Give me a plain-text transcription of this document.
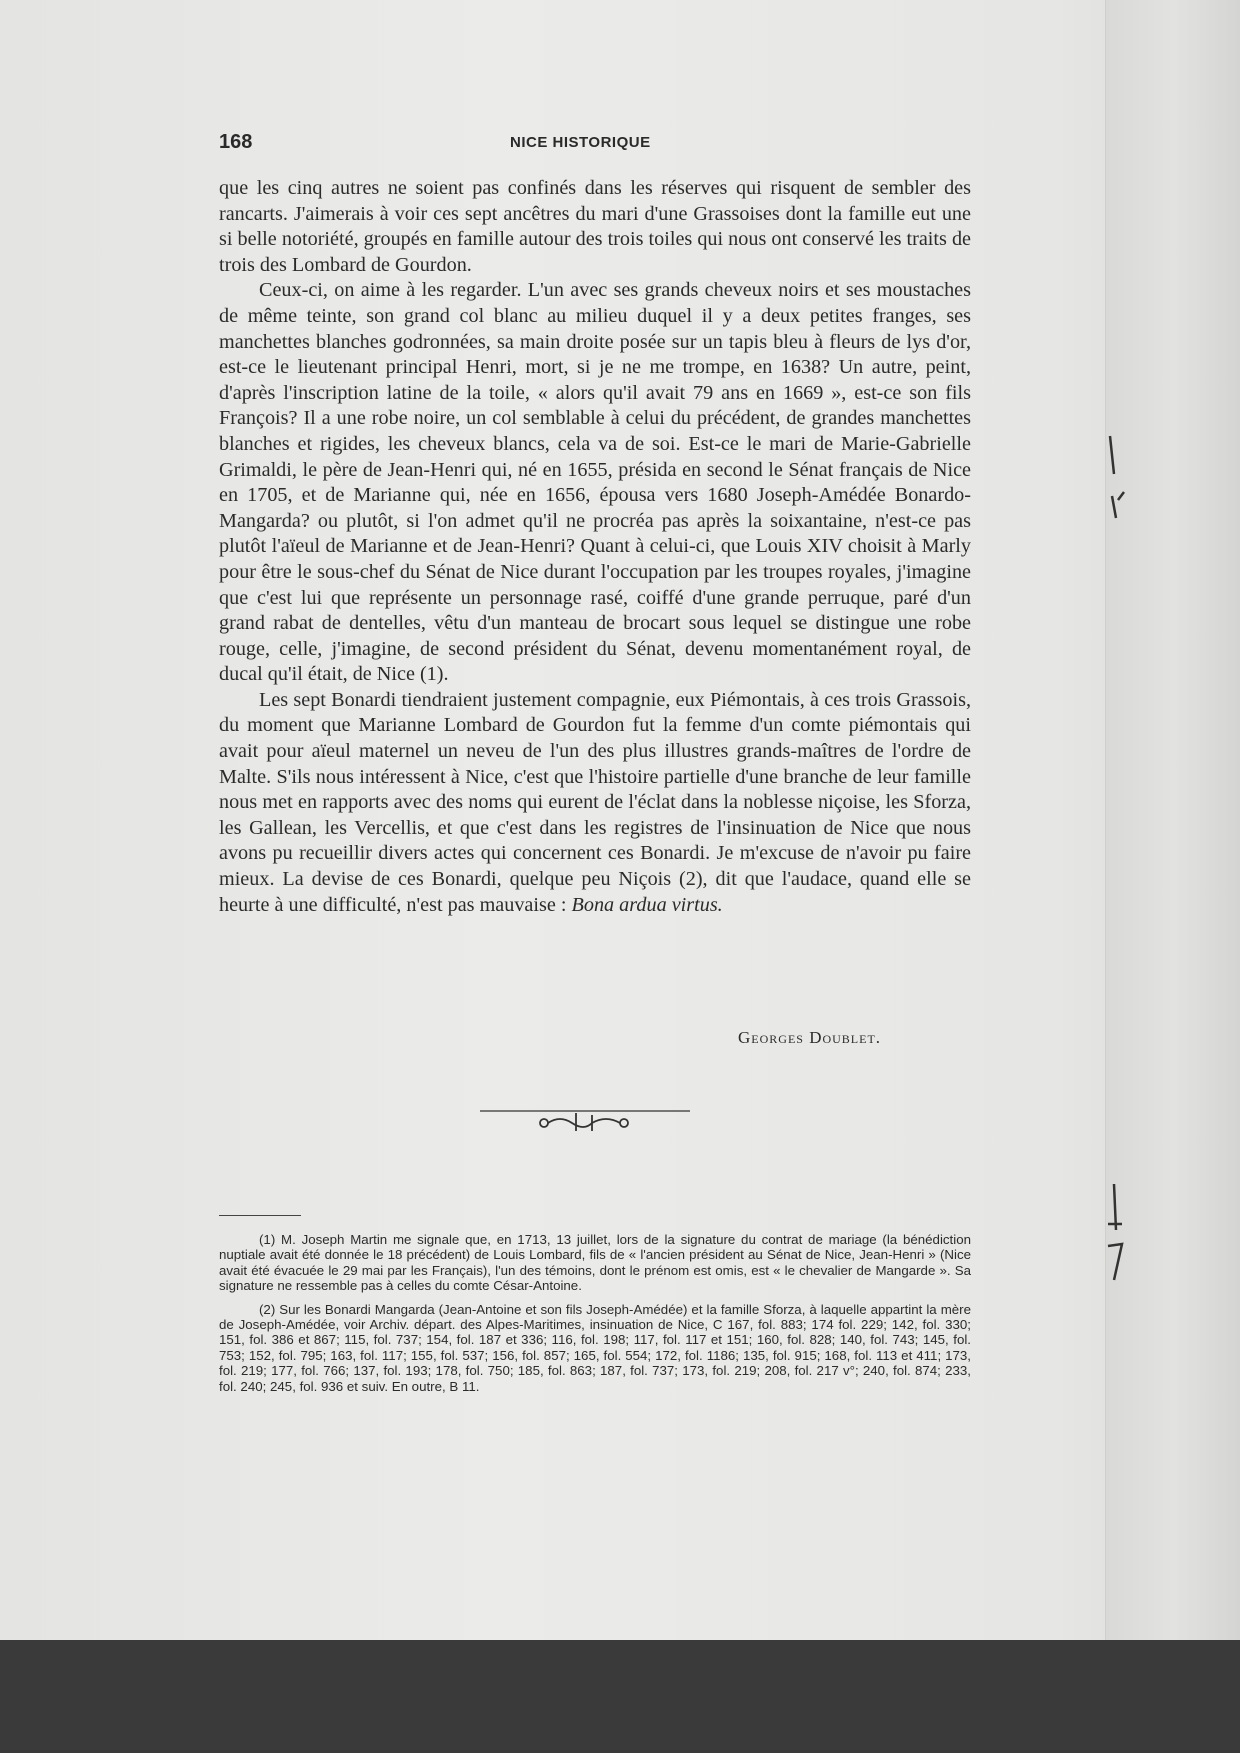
168	NICE HISTORIQUE

que les cinq autres ne soient pas confinés dans les réserves qui risquent de sembler des rancarts. J'aimerais à voir ces sept ancêtres du mari d'une Grassoises dont la famille eut une si belle notoriété, groupés en famille autour des trois toiles qui nous ont conservé les traits de trois des Lombard de Gourdon.

Ceux-ci, on aime à les regarder. L'un avec ses grands cheveux noirs et ses moustaches de même teinte, son grand col blanc au milieu duquel il y a deux petites franges, ses manchettes blanches godronnées, sa main droite posée sur un tapis bleu à fleurs de lys d'or, est-ce le lieutenant principal Henri, mort, si je ne me trompe, en 1638? Un autre, peint, d'après l'inscription latine de la toile, « alors qu'il avait 79 ans en 1669 », est-ce son fils François? Il a une robe noire, un col semblable à celui du précédent, de grandes manchettes blanches et rigides, les cheveux blancs, cela va de soi. Est-ce le mari de Marie-Gabrielle Grimaldi, le père de Jean-Henri qui, né en 1655, présida en second le Sénat français de Nice en 1705, et de Marianne qui, née en 1656, épousa vers 1680 Joseph-Amédée Bonardo-Mangarda? ou plutôt, si l'on admet qu'il ne procréa pas après la soixantaine, n'est-ce pas plutôt l'aïeul de Marianne et de Jean-Henri? Quant à celui-ci, que Louis XIV choisit à Marly pour être le sous-chef du Sénat de Nice durant l'occupation par les troupes royales, j'imagine que c'est lui que représente un personnage rasé, coiffé d'une grande perruque, paré d'un grand rabat de dentelles, vêtu d'un manteau de brocart sous lequel se distingue une robe rouge, celle, j'imagine, de second président du Sénat, devenu momentanément royal, de ducal qu'il était, de Nice (1).

Les sept Bonardi tiendraient justement compagnie, eux Piémontais, à ces trois Grassois, du moment que Marianne Lombard de Gourdon fut la femme d'un comte piémontais qui avait pour aïeul maternel un neveu de l'un des plus illustres grands-maîtres de l'ordre de Malte. S'ils nous intéressent à Nice, c'est que l'histoire partielle d'une branche de leur famille nous met en rapports avec des noms qui eurent de l'éclat dans la noblesse niçoise, les Sforza, les Gallean, les Vercellis, et que c'est dans les registres de l'insinuation de Nice que nous avons pu recueillir divers actes qui concernent ces Bonardi. Je m'excuse de n'avoir pu faire mieux. La devise de ces Bonardi, quelque peu Niçois (2), dit que l'audace, quand elle se heurte à une difficulté, n'est pas mauvaise : Bona ardua virtus.

Georges Doublet.

(1) M. Joseph Martin me signale que, en 1713, 13 juillet, lors de la signature du contrat de mariage (la bénédiction nuptiale avait été donnée le 18 précédent) de Louis Lombard, fils de « l'ancien président au Sénat de Nice, Jean-Henri » (Nice avait été évacuée le 29 mai par les Français), l'un des témoins, dont le prénom est omis, est « le chevalier de Mangarde ». Sa signature ne ressemble pas à celles du comte César-Antoine.

(2) Sur les Bonardi Mangarda (Jean-Antoine et son fils Joseph-Amédée) et la famille Sforza, à laquelle appartint la mère de Joseph-Amédée, voir Archiv. départ. des Alpes-Maritimes, insinuation de Nice, C 167, fol. 883; 174 fol. 229; 142, fol. 330; 151, fol. 386 et 867; 115, fol. 737; 154, fol. 187 et 336; 116, fol. 198; 117, fol. 117 et 151; 160, fol. 828; 140, fol. 743; 145, fol. 753; 152, fol. 795; 163, fol. 117; 155, fol. 537; 156, fol. 857; 165, fol. 554; 172, fol. 1186; 135, fol. 915; 168, fol. 113 et 411; 173, fol. 219; 177, fol. 766; 137, fol. 193; 178, fol. 750; 185, fol. 863; 187, fol. 737; 173, fol. 219; 208, fol. 217 v°; 240, fol. 874; 233, fol. 240; 245, fol. 936 et suiv. En outre, B 11.
